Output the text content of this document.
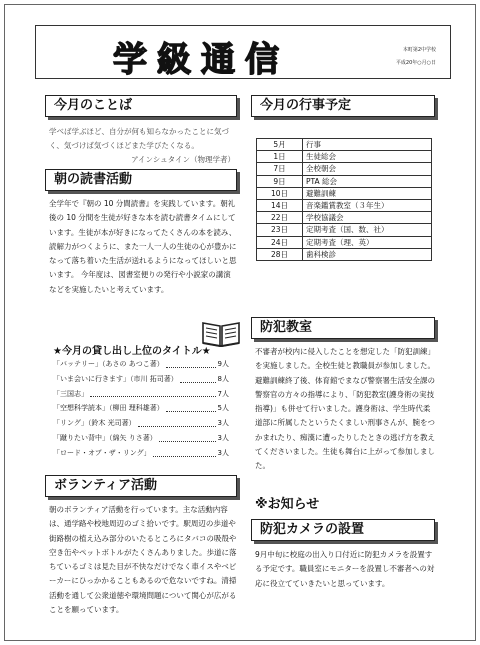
学級通信	本町第2中学校
平成20年○月○日
今月のことば
学べば学ぶほど、自分が何も知らなかったことに気づく、気づけば気づくほどまた学びたくなる。
アインシュタイン（物理学者）
朝の読書活動
全学年で『朝の 10 分間読書』を実践しています。朝礼後の 10 分間を生徒が好きな本を読む読書タイムにしています。生徒が本が好きになってたくさんの本を読み、読解力がつくように、また一人一人の生徒の心が豊かになって落ち着いた生活が送れるようになってほしいと思います。 今年度は、図書室便りの発行や小説家の講演などを実施したいと考えています。
★今月の貸し出し上位のタイトル★
「バッテリー」（あさの あつこ著）	9人
「いま会いに行きます」（市川 拓司著）	8人
「三国志」	7人
「空想科学読本」（柳田 理科雄著）	5人
「リング」（鈴木 光司著）	3人
「蹴りたい背中」（綿矢 りさ著）	3人
「ロード・オブ・ザ・リング」	3人
ボランティア活動
朝のボランティア活動を行っています。主な活動内容は、通学路や校地周辺のゴミ拾いです。駅周辺の歩道や街路樹の植え込み部分のいたるところにタバコの吸殻や空き缶やペットボトルがたくさんありました。歩道に落ちているゴミは見た目が不快なだけでなく車イスやベビーカーにひっかかることもあるので危ないですね。清掃活動を通して公衆道徳や環境問題について関心が広がることを願っています。
今月の行事予定
5月	行事
1日	生徒総会
7日	全校朝会
9日	PTA 総会
10日	避難訓練
14日	音楽鑑賞教室（３年生）
22日	学校協議会
23日	定期考査（国、数、社）
24日	定期考査（理、英）
28日	歯科検診
防犯教室
不審者が校内に侵入したことを想定した「防犯訓練」を実施しました。全校生徒と教職員が参加しました。避難訓練終了後、体育館でまなび警察署生活安全課の警察官の方々の指導により、「防犯教室(護身術の実技指導)」も併せて行いました。護身術は、学生時代柔道部に所属したというたくましい刑事さんが、腕をつかまれたり、痴漢に遭ったりしたときの逃げ方を教えてくださいました。生徒も舞台に上がって参加しました。
※お知らせ
防犯カメラの設置
9月中旬に校庭の出入り口付近に防犯カメラを設置する予定です。職員室にモニターを設置し不審者への対応に役立てていきたいと思っています。
